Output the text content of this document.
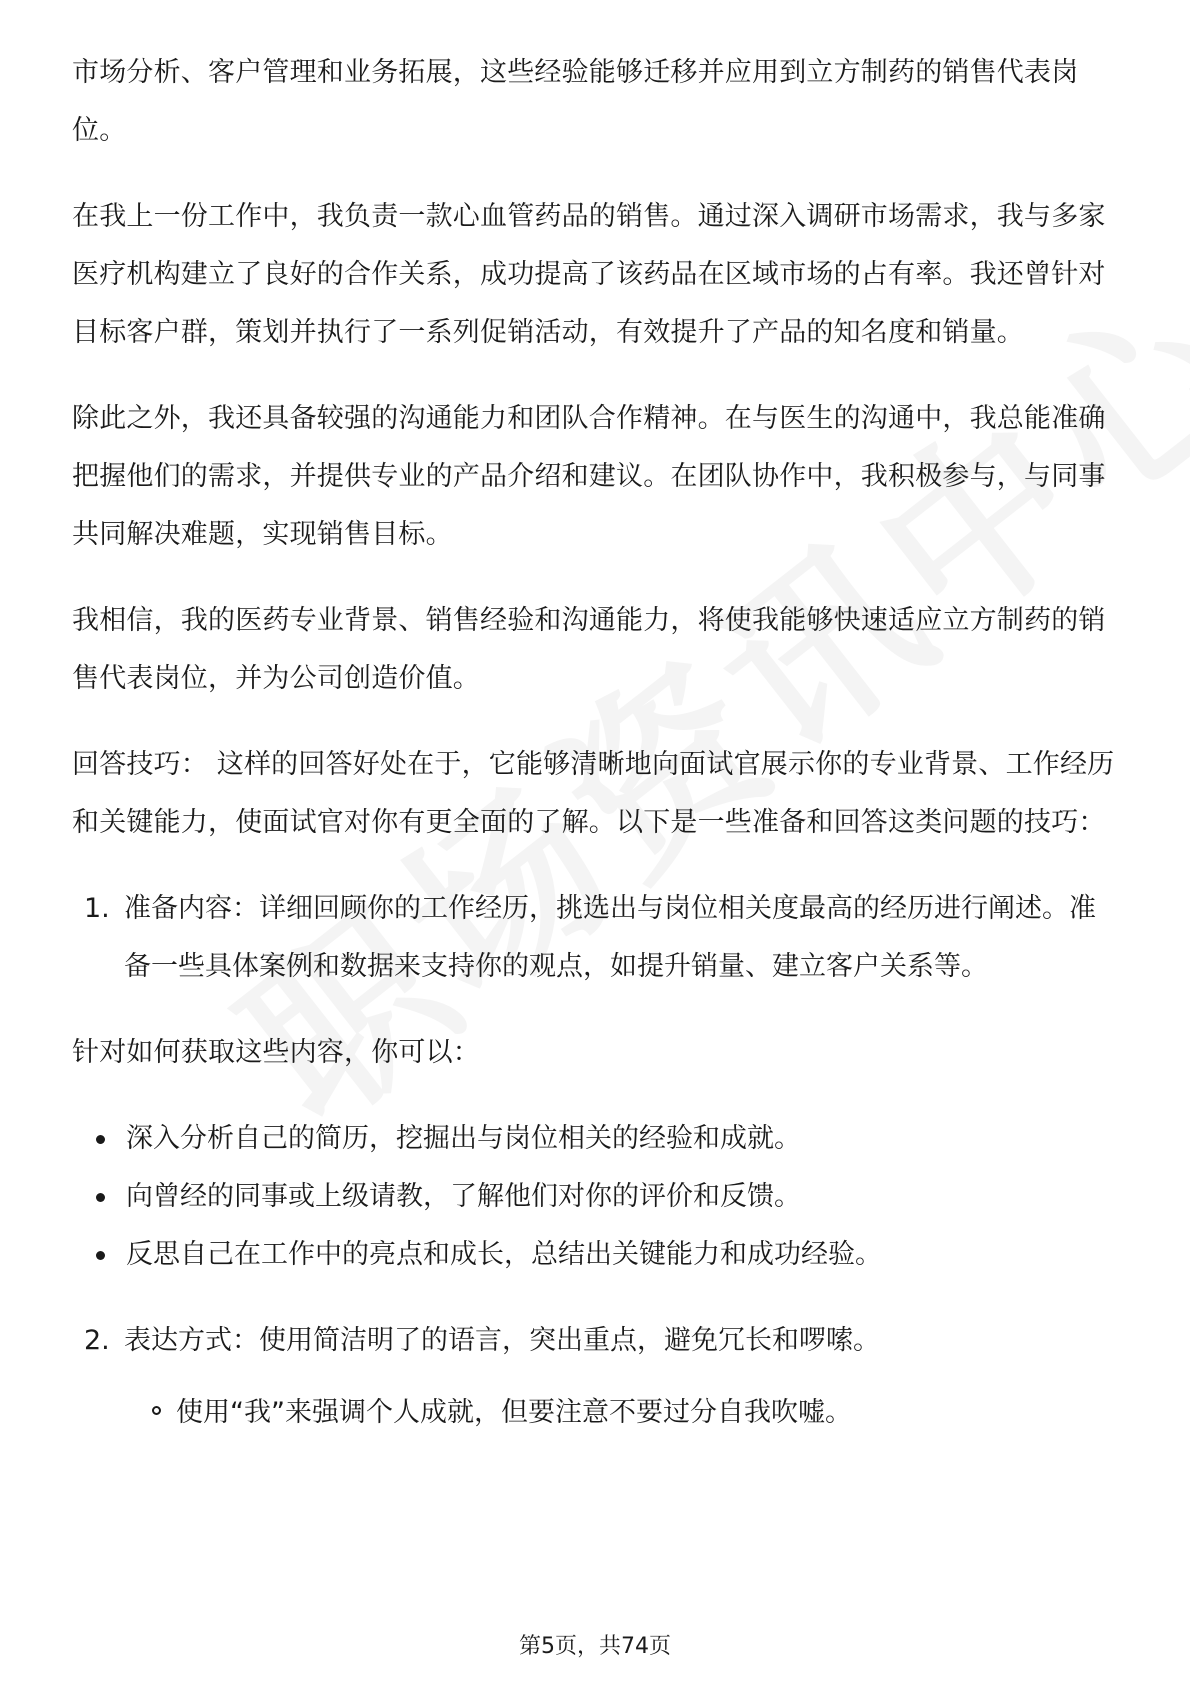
市场分析、客户管理和业务拓展，这些经验能够迁移并应用到立方制药的销售代表岗位。

在我上一份工作中，我负责一款心血管药品的销售。通过深入调研市场需求，我与多家医疗机构建立了良好的合作关系，成功提高了该药品在区域市场的占有率。我还曾针对目标客户群，策划并执行了一系列促销活动，有效提升了产品的知名度和销量。

除此之外，我还具备较强的沟通能力和团队合作精神。在与医生的沟通中，我总能准确把握他们的需求，并提供专业的产品介绍和建议。在团队协作中，我积极参与，与同事共同解决难题，实现销售目标。

我相信，我的医药专业背景、销售经验和沟通能力，将使我能够快速适应立方制药的销售代表岗位，并为公司创造价值。

回答技巧： 这样的回答好处在于，它能够清晰地向面试官展示你的专业背景、工作经历和关键能力，使面试官对你有更全面的了解。以下是一些准备和回答这类问题的技巧：

1. 准备内容：详细回顾你的工作经历，挑选出与岗位相关度最高的经历进行阐述。准备一些具体案例和数据来支持你的观点，如提升销量、建立客户关系等。

针对如何获取这些内容，你可以：

深入分析自己的简历，挖掘出与岗位相关的经验和成就。
向曾经的同事或上级请教，了解他们对你的评价和反馈。
反思自己在工作中的亮点和成长，总结出关键能力和成功经验。
2. 表达方式：使用简洁明了的语言，突出重点，避免冗长和啰嗦。
使用“我”来强调个人成就，但要注意不要过分自我吹嘘。
第5页，共74页
